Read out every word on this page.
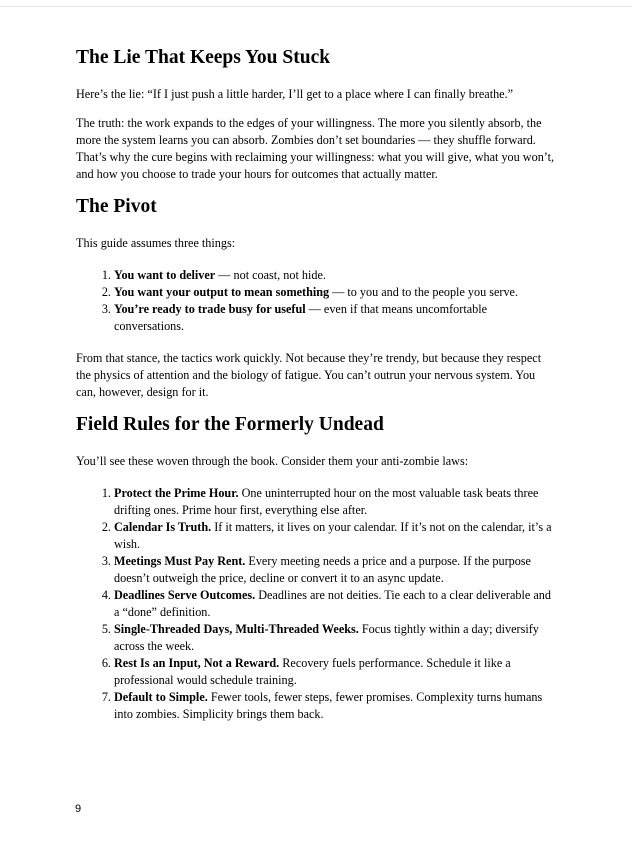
The Lie That Keeps You Stuck

Here’s the lie: “If I just push a little harder, I’ll get to a place where I can finally breathe.”

The truth: the work expands to the edges of your willingness. The more you silently absorb, the more the system learns you can absorb. Zombies don’t set boundaries — they shuffle forward. That’s why the cure begins with reclaiming your willingness: what you will give, what you won’t, and how you choose to trade your hours for outcomes that actually matter.

The Pivot

This guide assumes three things:

1. You want to deliver — not coast, not hide.
2. You want your output to mean something — to you and to the people you serve.
3. You’re ready to trade busy for useful — even if that means uncomfortable conversations.

From that stance, the tactics work quickly. Not because they’re trendy, but because they respect the physics of attention and the biology of fatigue. You can’t outrun your nervous system. You can, however, design for it.

Field Rules for the Formerly Undead

You’ll see these woven through the book. Consider them your anti-zombie laws:

1. Protect the Prime Hour. One uninterrupted hour on the most valuable task beats three drifting ones. Prime hour first, everything else after.
2. Calendar Is Truth. If it matters, it lives on your calendar. If it’s not on the calendar, it’s a wish.
3. Meetings Must Pay Rent. Every meeting needs a price and a purpose. If the purpose doesn’t outweigh the price, decline or convert it to an async update.
4. Deadlines Serve Outcomes. Deadlines are not deities. Tie each to a clear deliverable and a “done” definition.
5. Single-Threaded Days, Multi-Threaded Weeks. Focus tightly within a day; diversify across the week.
6. Rest Is an Input, Not a Reward. Recovery fuels performance. Schedule it like a professional would schedule training.
7. Default to Simple. Fewer tools, fewer steps, fewer promises. Complexity turns humans into zombies. Simplicity brings them back.
9
